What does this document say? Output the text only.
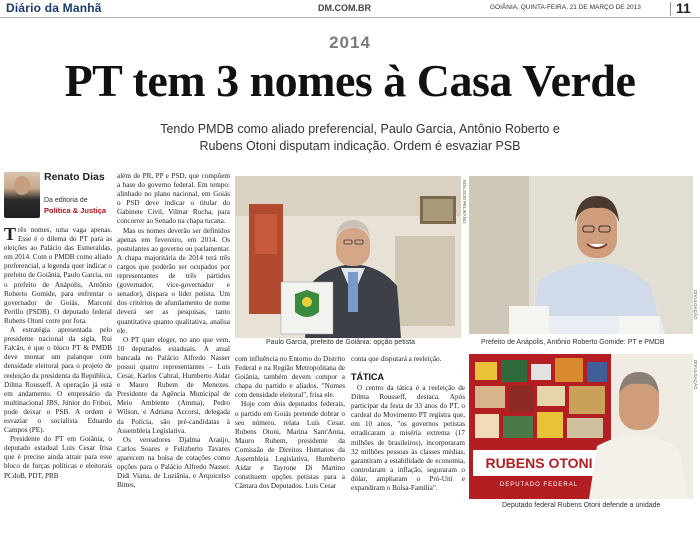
Diário da Manhã	DM.COM.BR	GOIÂNIA, QUINTA-FEIRA, 21 DE MARÇO DE 2013	11
2014
PT tem 3 nomes à Casa Verde
Tendo PMDB como aliado preferencial, Paulo Garcia, Antônio Roberto e Rubens Otoni disputam indicação. Ordem é esvaziar PSB
Renato Dias
Da editoria de
Política & Justiça

Três nomes, uma vaga apenas. Esse é o dilema do PT para as eleições ao Palácio das Esmeraldas, em 2014. Com o PMDB como aliado preferencial, a legenda quer indicar o prefeito de Goiânia, Paulo Garcia, ou o prefeito de Anápolis, Antônio Roberto Gomide, para enfrentar o governador de Goiás, Marconi Perillo (PSDB). O deputado federal Rubens Otoni corre por fora.

A estratégia apresentada pelo presidente nacional da sigla, Rui Falcão, é que o bloco PT & PMDB deve montar um palanque com densidade eleitoral para o projeto de reeleição da presidenta da República, Dilma Rousseff. A operação já está em andamento. O empresário da multinacional JBS, Júnior do Friboi, pode deixar o PSB. A ordem é esvaziar o socialista Eduardo Campos (PE).

Presidente do PT em Goiânia, o deputado estadual Luis Cesar frisa que é preciso ainda atrair para esse bloco de forças políticas e eleitorais PCdoB, PDT, PRB

além de PR, PP e PSD, que compõem a base do governo federal. Em tempo: alinhado no plano nacional, em Goiás o PSD deve indicar o titular do Gabinete Civil, Vilmar Rocha, para concorrer ao Senado na chapa tucana.

Mas os nomes deverão ser definidos apenas em fevereiro, em 2014. Os postulantes ao governo ou parlamentar. A chapa majoritária de 2014 terá três cargos que poderão ser ocupados por representantes de três partidos (governador, vice-governador e senador), dispara o líder petista. Um dos critérios de afunilamento de nome deverá ser as pesquisas, tanto quantitativa quanto qualitativa, analisa ele.

O PT quer eleger, no ano que vem, 10 deputados estaduais. A atual bancada no Palácio Alfredo Nasser possui quatro representantes – Luis Cesar, Karlos Cabral, Humberto Aidar e Mauro Rubem de Menezes. Presidente da Agência Municipal de Meio Ambiente (Amma), Pedro Wilson, e Adriana Accorsi, delegada da Polícia, são pré-candidatas à Assembleia Legislativa.

Os vereadores Djalma Araújo, Carlos Soares e Felizberto Tavares aparecem na bolsa de cotações como opções para o Palácio Alfredo Nasser. Didi Viana, de Luziânia, e Arquicelso Bittes,

EDILSON PELIKANO
Paulo Garcia, prefeito de Goiânia: opção petista
DIVULGAÇÃO
Prefeito de Anápolis, Antônio Roberto Gomide: PT e PMDB

com influência no Entorno do Distrito Federal e na Região Metropolitana de Goiânia, também devem compor a chapa do partido e aliados. "Nomes com densidade eleitoral", frisa ele.

Hoje com dois deputados federais, o partido em Goiás pretende dobrar o seu número, relata Luís Cesar. Rubens Otoni, Marina Sant'Anna, Mauro Rubem, presidente da Comissão de Direitos Humanos da Assembleia Legislativa, Humberto Aidar e Tayrone Di Martino constituem opções petistas para a Câmara dos Deputados. Luís Cesar

conta que disputará a reeleição.

TÁTICA

O centro da tática é a reeleição de Dilma Rousseff, destaca. Após participar da festa de 33 anos do PT, o cardeal do Movimento PT registra que, em 10 anos, "os governos petistas erradicaram a miséria extrema (17 milhões de brasileiros), incorporaram 32 milhões pessoas às classes médias, garantiram a estabilidade de economia, controlaram a inflação, seguraram o dólar, ampliaram o Pró-Uni e expandiram o Bolsa-Família".

RUBENS OTONI
DEPUTADO FEDERAL
DIVULGAÇÃO
Deputado federal Rubens Otoni defende a unidade
